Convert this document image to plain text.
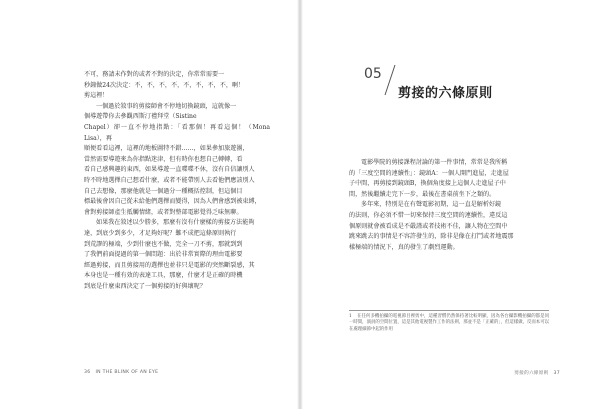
不可，務請未作對的或者不對的決定，你常常需要一
秒鐘做24次決定：不，不，不，不，不，不，不，不，啊！
剪這裡！

一個過於敘事的剪接師會不停地切換鏡頭，這就像一
個導遊帶你去參觀西斯汀禮拜堂（Sistine
Chapel）卻一直不停地指點：「看那個！再看這個！（Mona Lisa），再
順便看看這裡，這裡的地板圖特不錯……，如果參加旅遊團，
當然需要導遊來為你指點迷津，但有時你也想自己轉轉，看
看自己感興趣的東西，如果導遊一直喋喋不休，沒有自信讓別人
時不時地選擇自己想看什麼，或者不能帶別人去看他們應該別人
自己去想像，那麼他就是一個過分一種概括控制，但這個目
標最後會因自己從未給他們選擇而變得，因為人們會感到被束縛，
會對剪接師產生抵觸情緒，或者對整部電影覺得乏味無聊。

如果我在敘述以少勝多，那麼有沒有什麼樣的剪接方法能夠
達，到底少到多少，才足夠好呢？難不成把這條原則執行
到荒謬的極端，少到什麼也不做，完全一刀不剪，那就到到
了我們前面提過的第一個問題：出於非常實際的理由電影要
經過剪接，而且剪接用的選擇也並非只是電影的突然斷裂感，其
本身也是一種有效的表達工具，那麼，什麼才是正確的時機
到底是什麼東西決定了一個剪接的好與壞呢？

36 IN THE BLINK OF AN EYE
05
剪接的六條原則

電影學院的剪接課程討論的第一件事情，常常是我所稱
的「三度空間的連續性」：鏡頭A：一個人開門進屋，走進屋
子中間，再剪接到鏡頭B，換個角度接上這個人走進屋子中
間，然後繼續走完下一步，最後在書桌前坐下之類的。

多年來，特別是在有聲電影初期，這一直是解析好鏡
的法則，你必須不惜一切來保持三度空間的連續性，違反這
個原則就會被看成是不嚴謹或者技術不佳，讓人物在空間中
跳來跳去的事情是不容許發生的，除非是像在打鬥或者地震那
樣極端的情況下，真的發生了劇烈運動。

1 在任何多機拍攝的電視節目裡剪中，這種習慣仍然保持著比較明顯，因為各台攝影機拍攝的都是同一時間，演員的空間位置，這是其他電視製作工作的法則，那並不是「正確的」，但這樣做，反而本可以在處理細節中起的作用
剪接的六條原則 37
